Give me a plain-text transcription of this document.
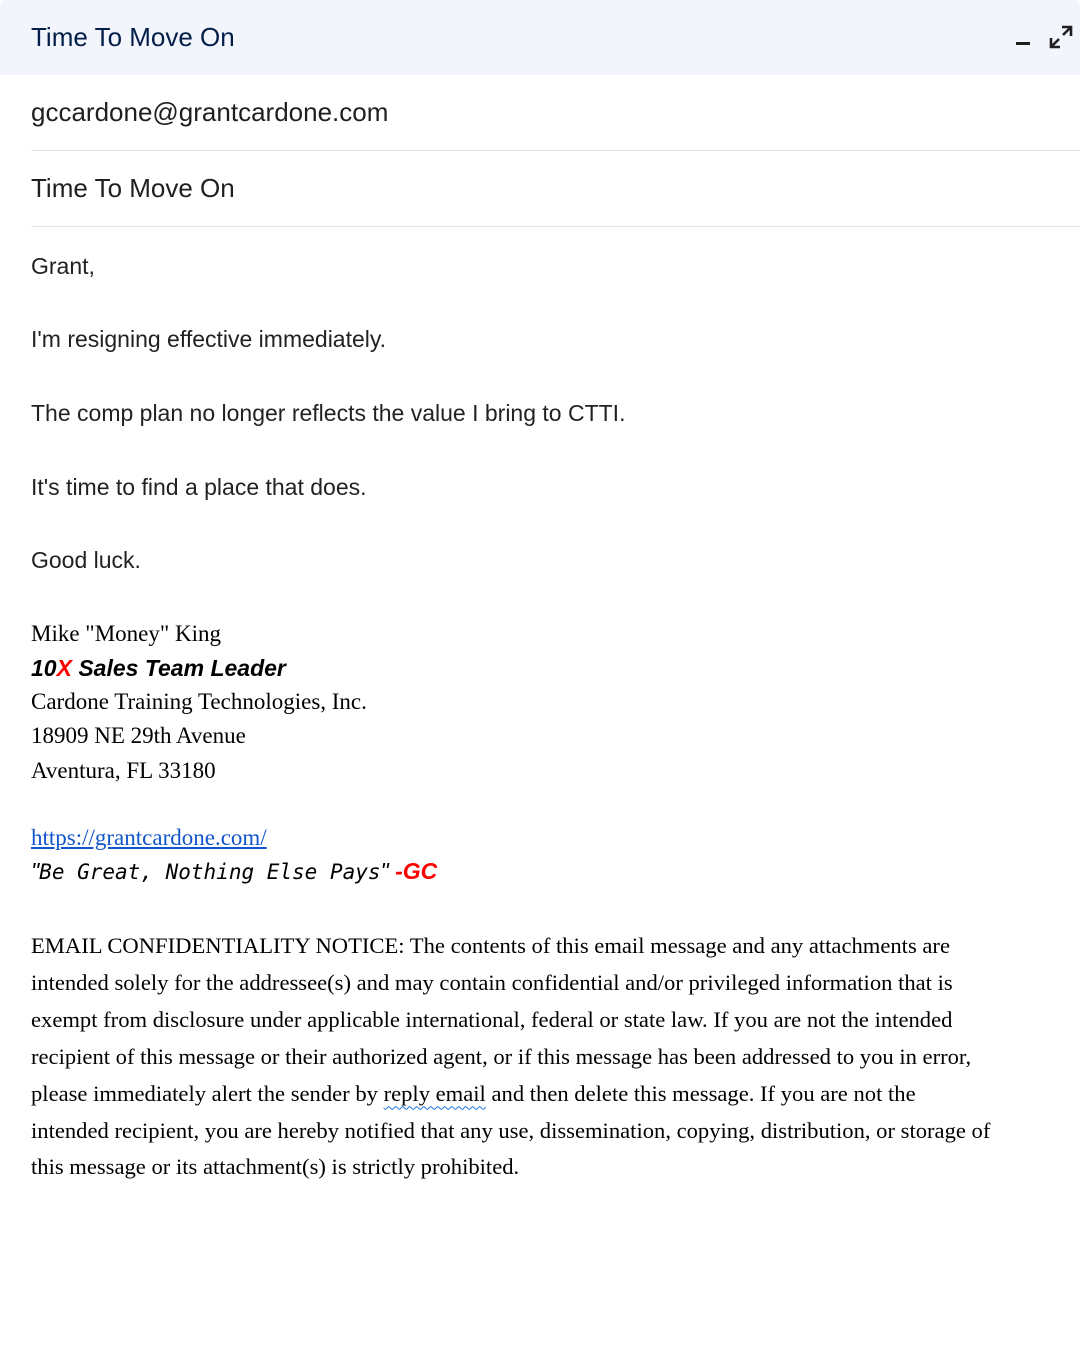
Time To Move On
gccardone@grantcardone.com
Time To Move On
Grant,
I'm resigning effective immediately.
The comp plan no longer reflects the value I bring to CTTI.
It's time to find a place that does.
Good luck.
Mike "Money" King
10X Sales Team Leader
Cardone Training Technologies, Inc.
18909 NE 29th Avenue
Aventura, FL 33180
https://grantcardone.com/
"Be Great, Nothing Else Pays" -GC
EMAIL CONFIDENTIALITY NOTICE: The contents of this email message and any attachments are
intended solely for the addressee(s) and may contain confidential and/or privileged information that is
exempt from disclosure under applicable international, federal or state law. If you are not the intended
recipient of this message or their authorized agent, or if this message has been addressed to you in error,
please immediately alert the sender by reply email and then delete this message. If you are not the
intended recipient, you are hereby notified that any use, dissemination, copying, distribution, or storage of
this message or its attachment(s) is strictly prohibited.
